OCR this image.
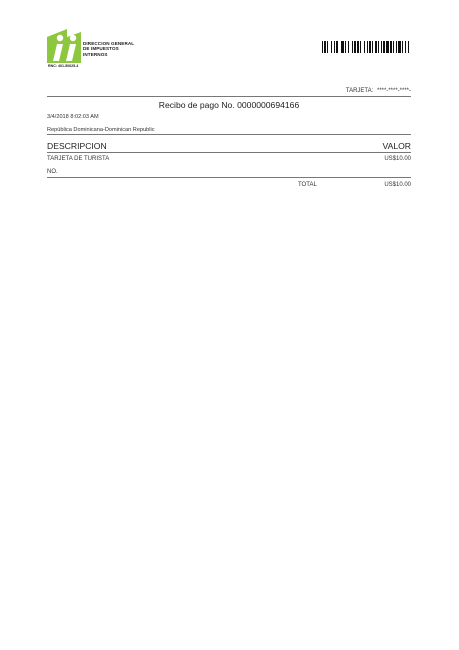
DIRECCION GENERAL
DE IMPUESTOS
INTERNOS
RNC: 401-50625-4
TARJETA: ****-****-****-
Recibo de pago No. 0000000694166
3/4/2018 8:02:03 AM
República Dominicana-Dominican Republic
DESCRIPCION	VALOR
TARJETA DE TURISTA	US$10.00
NO.
TOTAL	US$10.00
